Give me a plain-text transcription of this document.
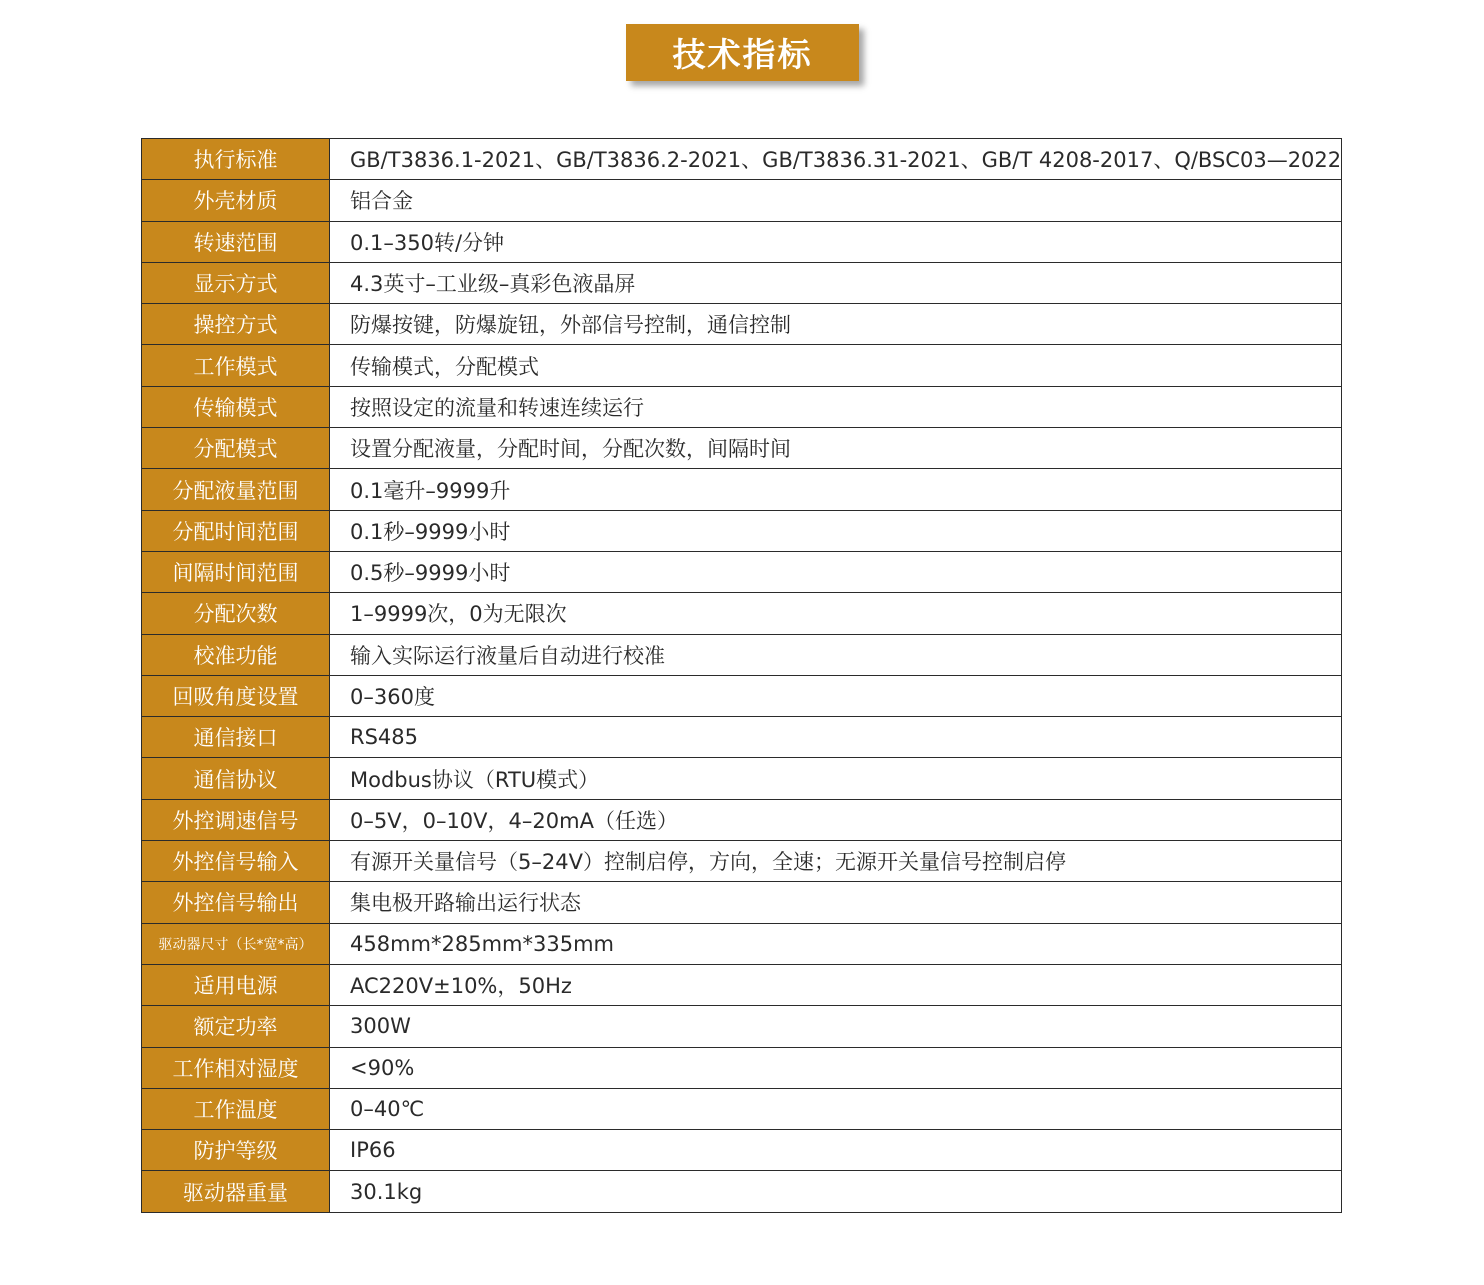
技术指标
执行标准	GB/T3836.1-2021、GB/T3836.2-2021、GB/T3836.31-2021、GB/T 4208-2017、Q/BSC03—2022
外壳材质	铝合金
转速范围	0.1–350转/分钟
显示方式	4.3英寸–工业级–真彩色液晶屏
操控方式	防爆按键，防爆旋钮，外部信号控制，通信控制
工作模式	传输模式，分配模式
传输模式	按照设定的流量和转速连续运行
分配模式	设置分配液量，分配时间，分配次数，间隔时间
分配液量范围	0.1毫升–9999升
分配时间范围	0.1秒–9999小时
间隔时间范围	0.5秒–9999小时
分配次数	1–9999次，0为无限次
校准功能	输入实际运行液量后自动进行校准
回吸角度设置	0–360度
通信接口	RS485
通信协议	Modbus协议（RTU模式）
外控调速信号	0–5V，0–10V，4–20mA（任选）
外控信号输入	有源开关量信号（5–24V）控制启停，方向，全速；无源开关量信号控制启停
外控信号输出	集电极开路输出运行状态
驱动器尺寸（长*宽*高）	458mm*285mm*335mm
适用电源	AC220V±10%，50Hz
额定功率	300W
工作相对湿度	<90%
工作温度	0–40℃
防护等级	IP66
驱动器重量	30.1kg
